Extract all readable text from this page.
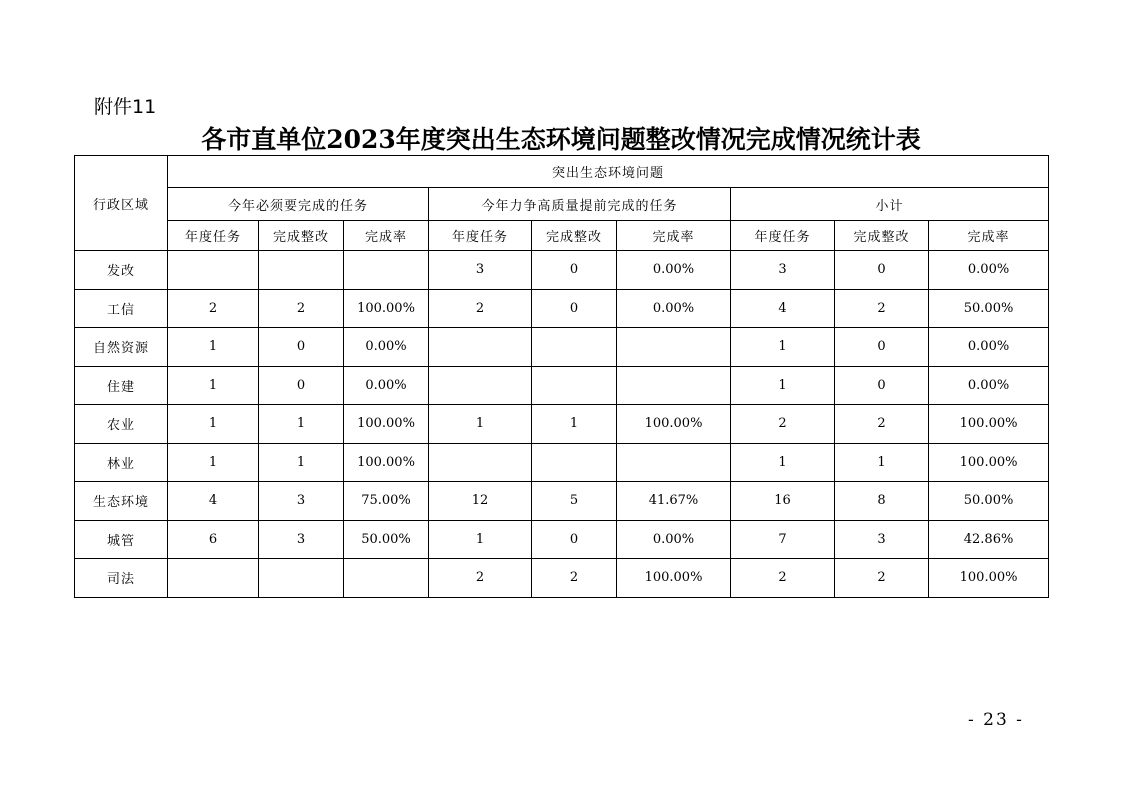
附件11
各市直单位2023年度突出生态环境问题整改情况完成情况统计表
行政区域	突出生态环境问题								
	今年必须要完成的任务			今年力争高质量提前完成的任务			小计		
	年度任务	完成整改	完成率	年度任务	完成整改	完成率	年度任务	完成整改	完成率
发改				3	0	0.00%	3	0	0.00%
工信	2	2	100.00%	2	0	0.00%	4	2	50.00%
自然资源	1	0	0.00%				1	0	0.00%
住建	1	0	0.00%				1	0	0.00%
农业	1	1	100.00%	1	1	100.00%	2	2	100.00%
林业	1	1	100.00%				1	1	100.00%
生态环境	4	3	75.00%	12	5	41.67%	16	8	50.00%
城管	6	3	50.00%	1	0	0.00%	7	3	42.86%
司法				2	2	100.00%	2	2	100.00%
- 23 -
